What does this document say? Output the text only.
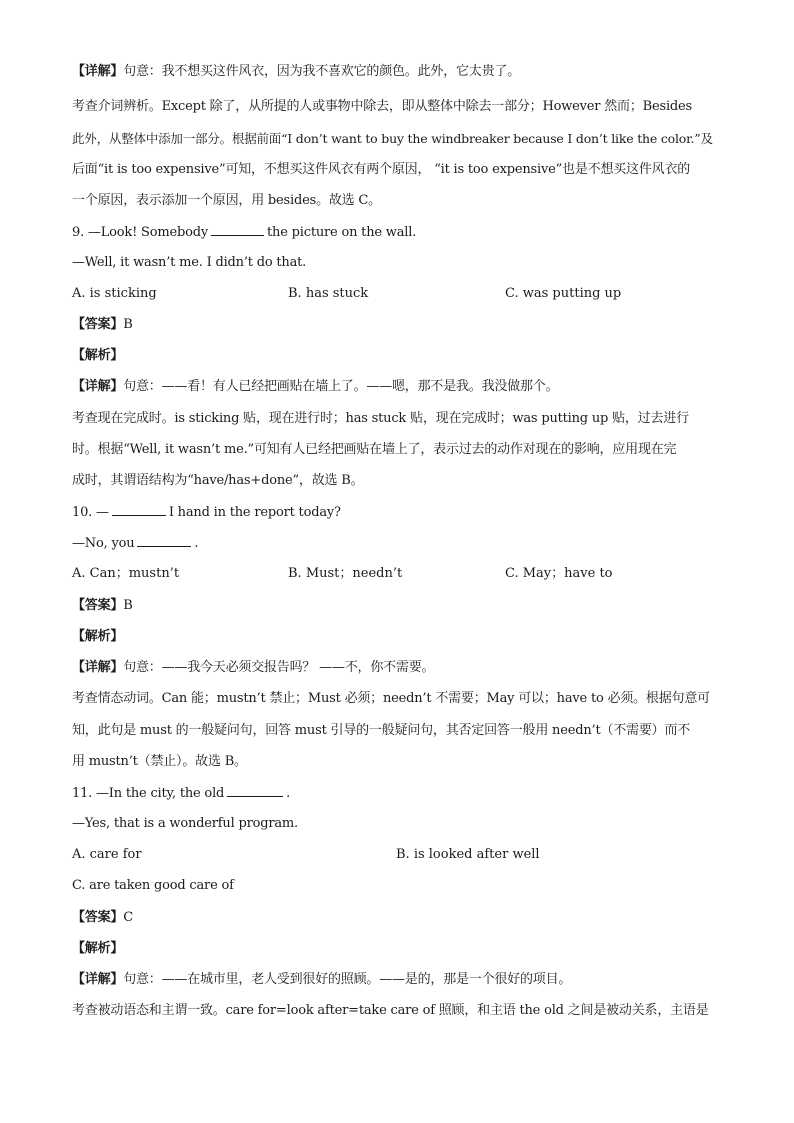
【详解】句意：我不想买这件风衣，因为我不喜欢它的颜色。此外，它太贵了。
考查介词辨析。Except 除了，从所提的人或事物中除去，即从整体中除去一部分；However 然而；Besides
此外，从整体中添加一部分。根据前面“I don’t want to buy the windbreaker because I don’t like the color.”及
后面“it is too expensive”可知，不想买这件风衣有两个原因， “it is too expensive”也是不想买这件风衣的
一个原因，表示添加一个原因，用 besides。故选 C。
9. —Look! Somebody	the picture on the wall.
—Well, it wasn’t me. I didn’t do that.
A. is sticking	B. has stuck	C. was putting up
【答案】B
【解析】
【详解】句意：——看！有人已经把画贴在墙上了。——嗯，那不是我。我没做那个。
考查现在完成时。is sticking 贴，现在进行时；has stuck 贴，现在完成时；was putting up 贴，过去进行
时。根据“Well, it wasn’t me.”可知有人已经把画贴在墙上了，表示过去的动作对现在的影响，应用现在完
成时，其谓语结构为“have/has+done”，故选 B。
10. —	I hand in the report today?
—No, you	.
A. Can；mustn’t	B. Must；needn’t	C. May；have to
【答案】B
【解析】
【详解】句意：——我今天必须交报告吗？ ——不，你不需要。
考查情态动词。Can 能；mustn’t 禁止；Must 必须；needn’t 不需要；May 可以；have to 必须。根据句意可
知，此句是 must 的一般疑问句，回答 must 引导的一般疑问句，其否定回答一般用 needn’t（不需要）而不
用 mustn’t（禁止）。故选 B。
11. —In the city, the old	.
—Yes, that is a wonderful program.
A. care for	B. is looked after well
C. are taken good care of
【答案】C
【解析】
【详解】句意：——在城市里，老人受到很好的照顾。——是的，那是一个很好的项目。
考查被动语态和主谓一致。care for=look after=take care of 照顾，和主语 the old 之间是被动关系，主语是
